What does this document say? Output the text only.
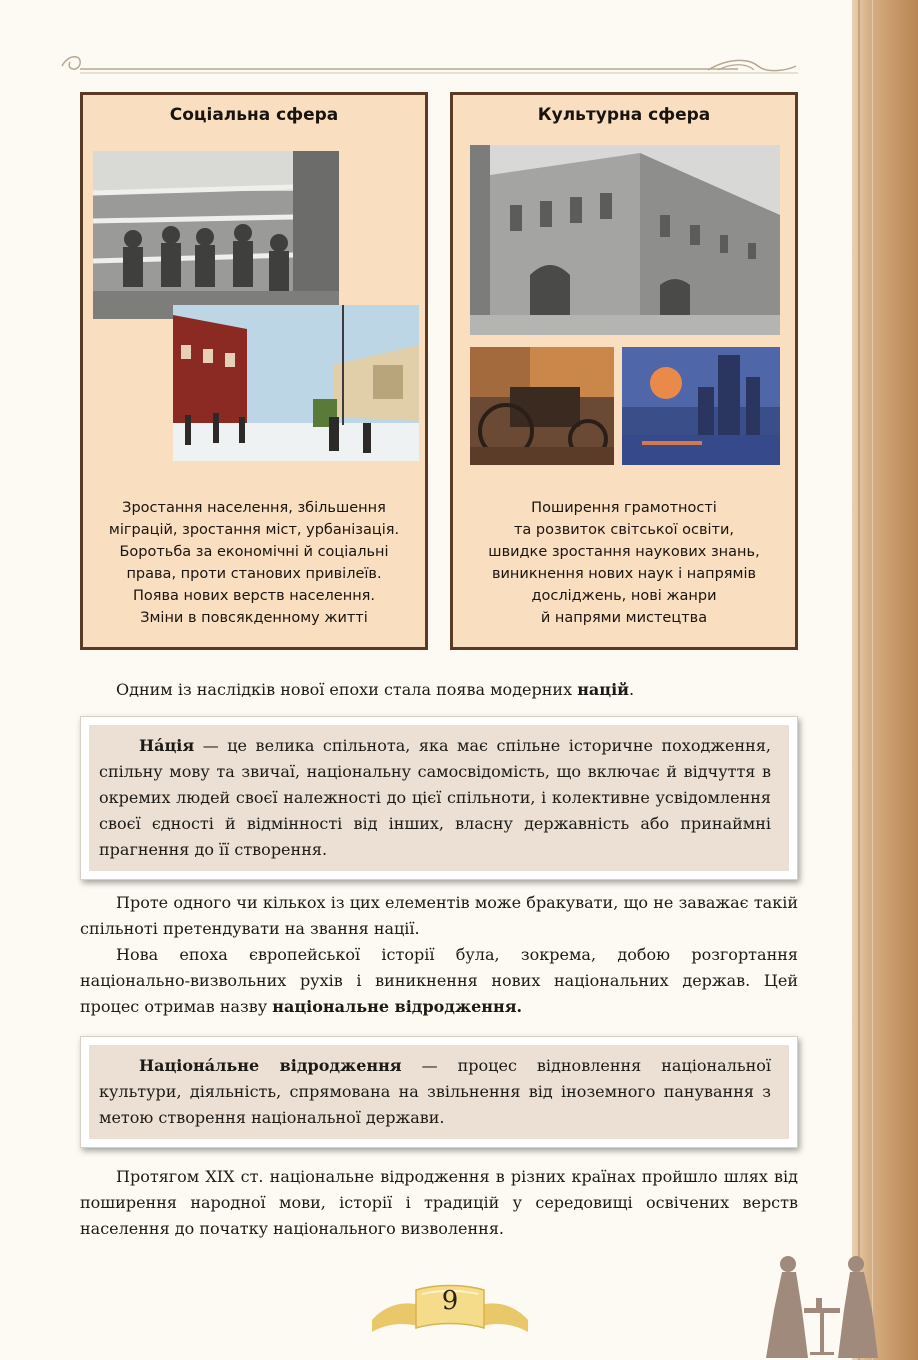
Соціальна сфера
Зростання населення, збільшення
міграцій, зростання міст, урбанізація.
Боротьба за економічні й соціальні
права, проти станових привілеїв.
Поява нових верств населення.
Зміни в повсякденному житті
Культурна сфера
Поширення грамотності
та розвиток світської освіти,
швидке зростання наукових знань,
виникнення нових наук і напрямів
досліджень, нові жанри
й напрями мистецтва

Одним із наслідків нової епохи стала поява модерних націй.

На́ція — це велика спільнота, яка має спільне історичне походження, спільну мову та звичаї, національну самосвідомість, що включає й відчуття в окремих людей своєї належності до цієї спільноти, і колективне усвідомлення своєї єдності й відмінності від інших, власну державність або принаймні прагнення до її створення.

Проте одного чи кількох із цих елементів може бракувати, що не заважає такій спільноті претендувати на звання нації.

Нова епоха європейської історії була, зокрема, добою розгортання національно-визвольних рухів і виникнення нових національних держав. Цей процес отримав назву національне відродження.

Націона́льне відродження — процес відновлення національної культури, діяльність, спрямована на звільнення від іноземного панування з метою створення національної держави.

Протягом XIX ст. національне відродження в різних країнах пройшло шлях від поширення народної мови, історії і традицій у середовищі освічених верств населення до початку національного визволення.

9
